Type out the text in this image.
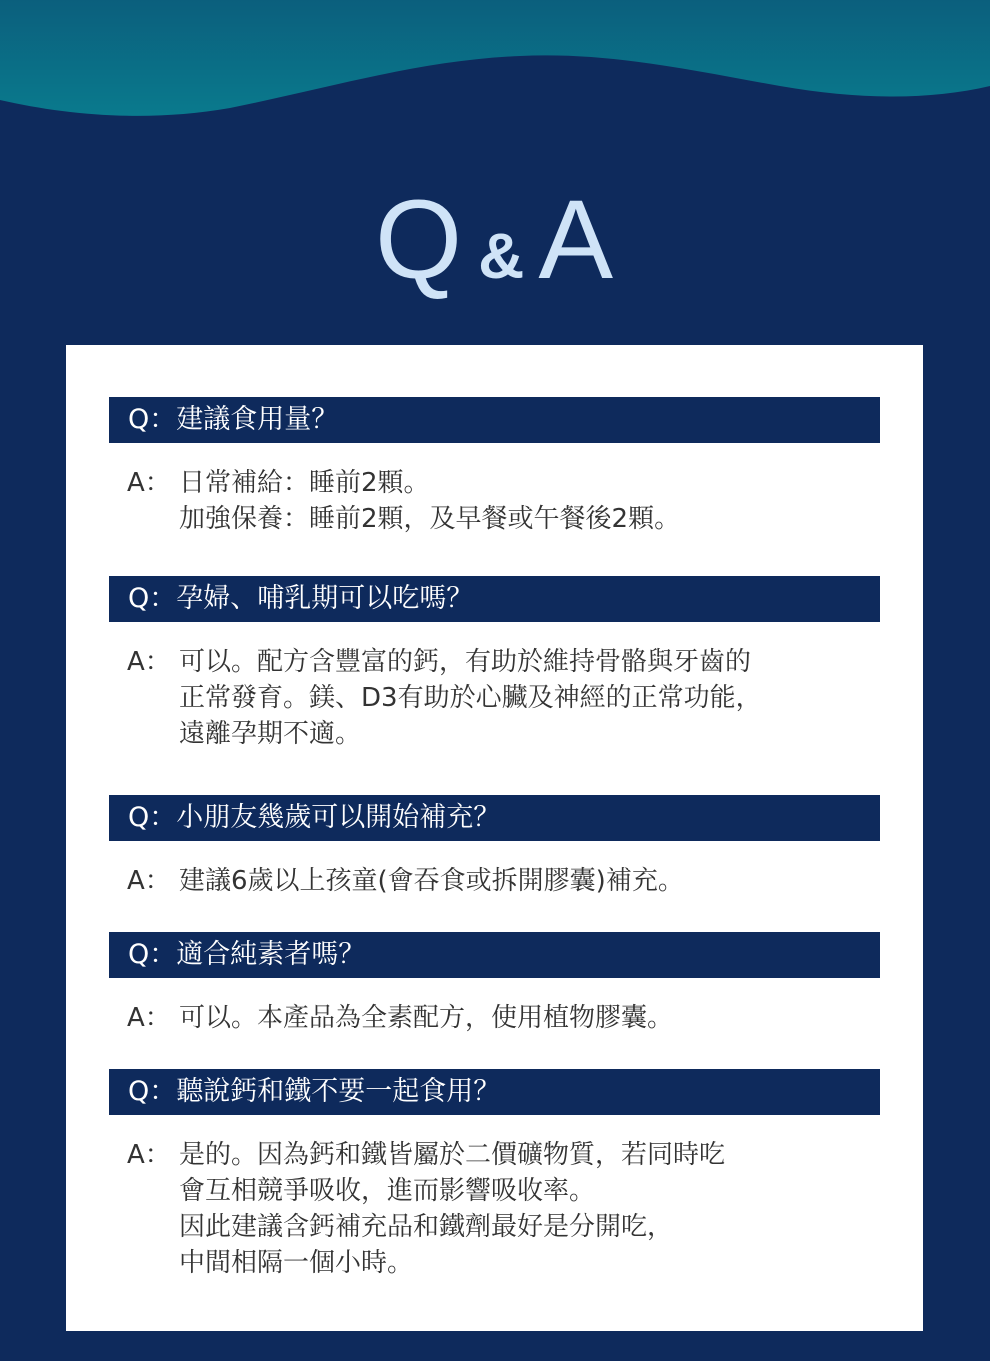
Q & A
Q：建議食用量？
A： 日常補給：睡前2顆。
加強保養：睡前2顆，及早餐或午餐後2顆。
Q：孕婦、哺乳期可以吃嗎？
A： 可以。配方含豐富的鈣，有助於維持骨骼與牙齒的
正常發育。鎂、D3有助於心臟及神經的正常功能，
遠離孕期不適。
Q：小朋友幾歲可以開始補充？
A： 建議6歲以上孩童(會吞食或拆開膠囊)補充。
Q：適合純素者嗎？
A： 可以。本產品為全素配方，使用植物膠囊。
Q：聽說鈣和鐵不要一起食用？
A： 是的。因為鈣和鐵皆屬於二價礦物質，若同時吃
會互相競爭吸收，進而影響吸收率。
因此建議含鈣補充品和鐵劑最好是分開吃，
中間相隔一個小時。
